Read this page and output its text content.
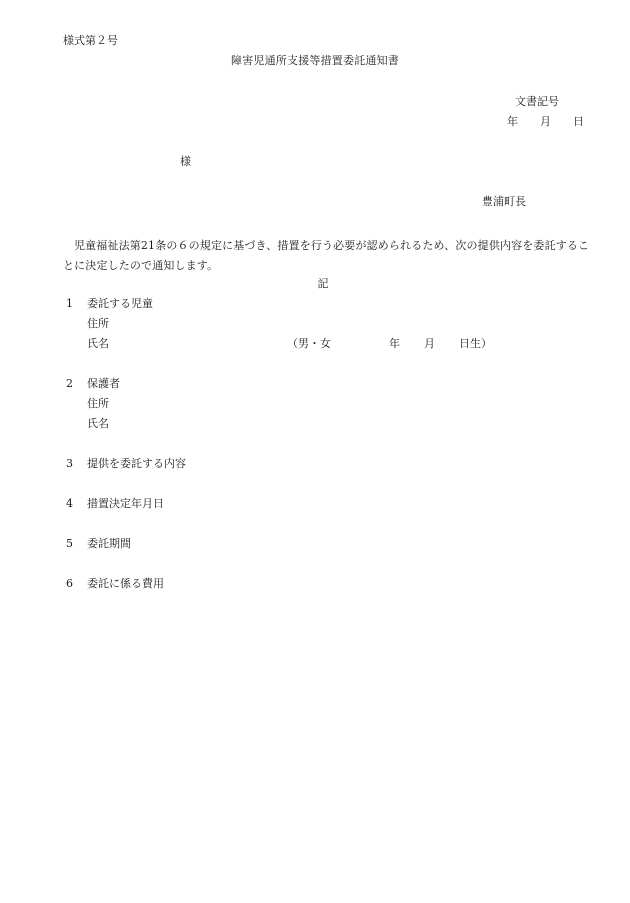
様式第２号
障害児通所支援等措置委託通知書
文書記号
年 月 日
様
豊浦町長
児童福祉法第21条の６の規定に基づき、措置を行う必要が認められるため、次の提供内容を委託することに決定したので通知します。
記
1 委託する児童
住所
氏名	（男・女	年 月 日生）
2 保護者
住所
氏名
3 提供を委託する内容
4 措置決定年月日
5 委託期間
6 委託に係る費用
